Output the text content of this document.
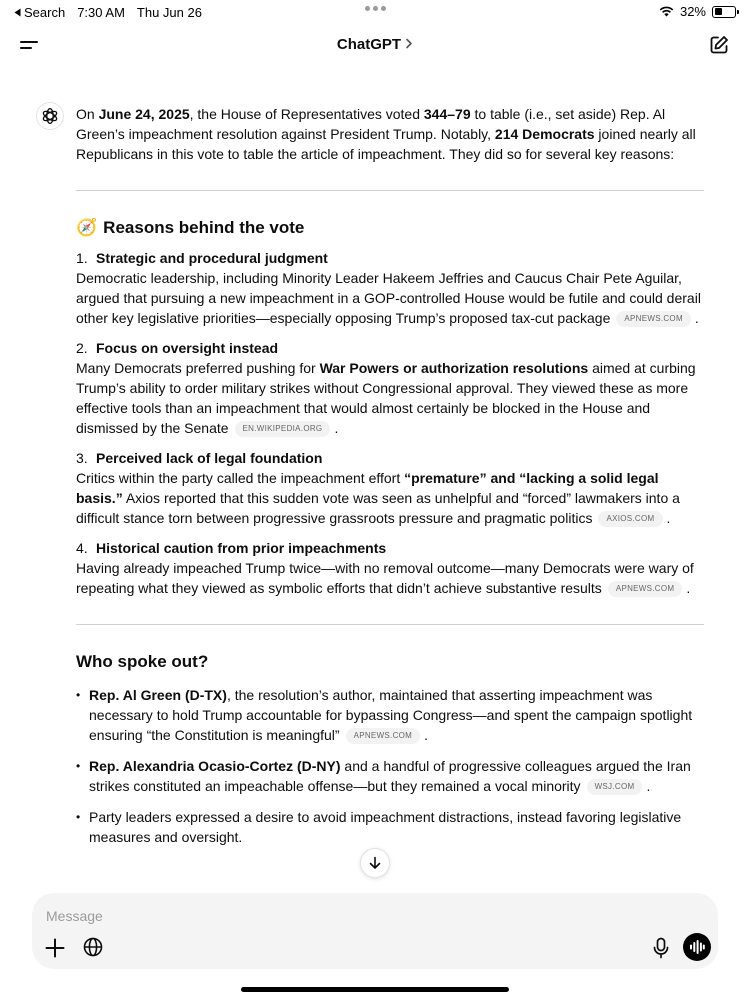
Search 7:30 AM Thu Jun 26	32%
ChatGPT

On June 24, 2025, the House of Representatives voted 344–79 to table (i.e., set aside) Rep. Al Green’s impeachment resolution against President Trump. Notably, 214 Democrats joined nearly all Republicans in this vote to table the article of impeachment. They did so for several key reasons:

🧭 Reasons behind the vote
1. Strategic and procedural judgment
Democratic leadership, including Minority Leader Hakeem Jeffries and Caucus Chair Pete Aguilar, argued that pursuing a new impeachment in a GOP-controlled House would be futile and could derail other key legislative priorities—especially opposing Trump’s proposed tax-cut package APNEWS.COM .
2. Focus on oversight instead
Many Democrats preferred pushing for War Powers or authorization resolutions aimed at curbing Trump’s ability to order military strikes without Congressional approval. They viewed these as more effective tools than an impeachment that would almost certainly be blocked in the House and dismissed by the Senate EN.WIKIPEDIA.ORG .
3. Perceived lack of legal foundation
Critics within the party called the impeachment effort “premature” and “lacking a solid legal basis.” Axios reported that this sudden vote was seen as unhelpful and “forced” lawmakers into a difficult stance torn between progressive grassroots pressure and pragmatic politics AXIOS.COM .
4. Historical caution from prior impeachments
Having already impeached Trump twice—with no removal outcome—many Democrats were wary of repeating what they viewed as symbolic efforts that didn’t achieve substantive results APNEWS.COM .
Who spoke out?
• Rep. Al Green (D-TX), the resolution’s author, maintained that asserting impeachment was necessary to hold Trump accountable for bypassing Congress—and spent the campaign spotlight ensuring “the Constitution is meaningful” APNEWS.COM .
• Rep. Alexandria Ocasio-Cortez (D-NY) and a handful of progressive colleagues argued the Iran strikes constituted an impeachable offense—but they remained a vocal minority WSJ.COM .
• Party leaders expressed a desire to avoid impeachment distractions, instead favoring legislative measures and oversight.
Message
